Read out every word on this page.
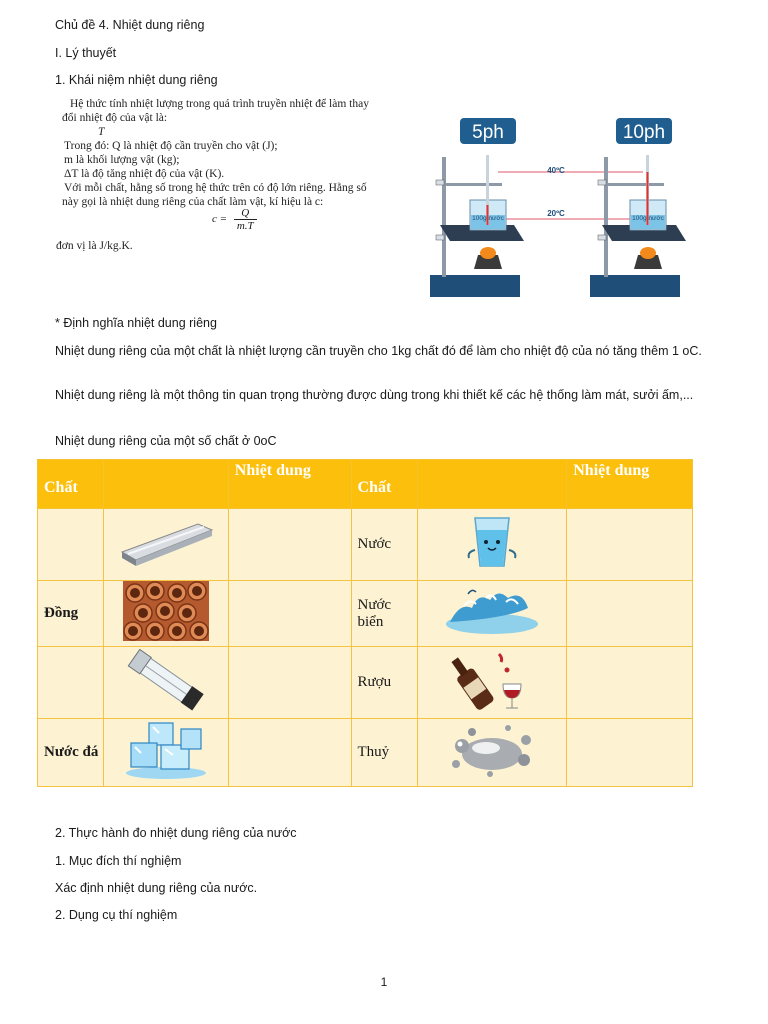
Chủ đề 4. Nhiệt dung riêng

I. Lý thuyết

1. Khái niệm nhiệt dung riêng

Hệ thức tính nhiệt lượng trong quá trình truyền nhiệt để làm thay
đổi nhiệt độ của vật là:
T
Trong đó: Q là nhiệt độ cần truyền cho vật (J);
m là khối lượng vật (kg);
ΔT là độ tăng nhiệt độ của vật (K).
Với mỗi chất, hằng số trong hệ thức trên có độ lớn riêng. Hằng số
này gọi là nhiệt dung riêng của chất làm vật, kí hiệu là c:
đơn vị là J/kg.K.
$c = \frac{Q}{m.T}$
5ph	10ph
40ºC
20ºC
100g nước	100g nước

* Định nghĩa nhiệt dung riêng

Nhiệt dung riêng của một chất là nhiệt lượng cần truyền cho 1kg chất đó để làm cho nhiệt độ của nó tăng thêm 1 oC.

Nhiệt dung riêng là một thông tin quan trọng thường được dùng trong khi thiết kế các hệ thống làm mát, sưởi ấm,...

Nhiệt dung riêng của một số chất ở 0oC

Chất		Nhiệt dung	Chất		Nhiệt dung
			Nước		
Đồng			Nước biển		
			Rượu		
Nước đá			Thuỷ		

2. Thực hành đo nhiệt dung riêng của nước

1. Mục đích thí nghiệm

Xác định nhiệt dung riêng của nước.

2. Dụng cụ thí nghiệm

1
